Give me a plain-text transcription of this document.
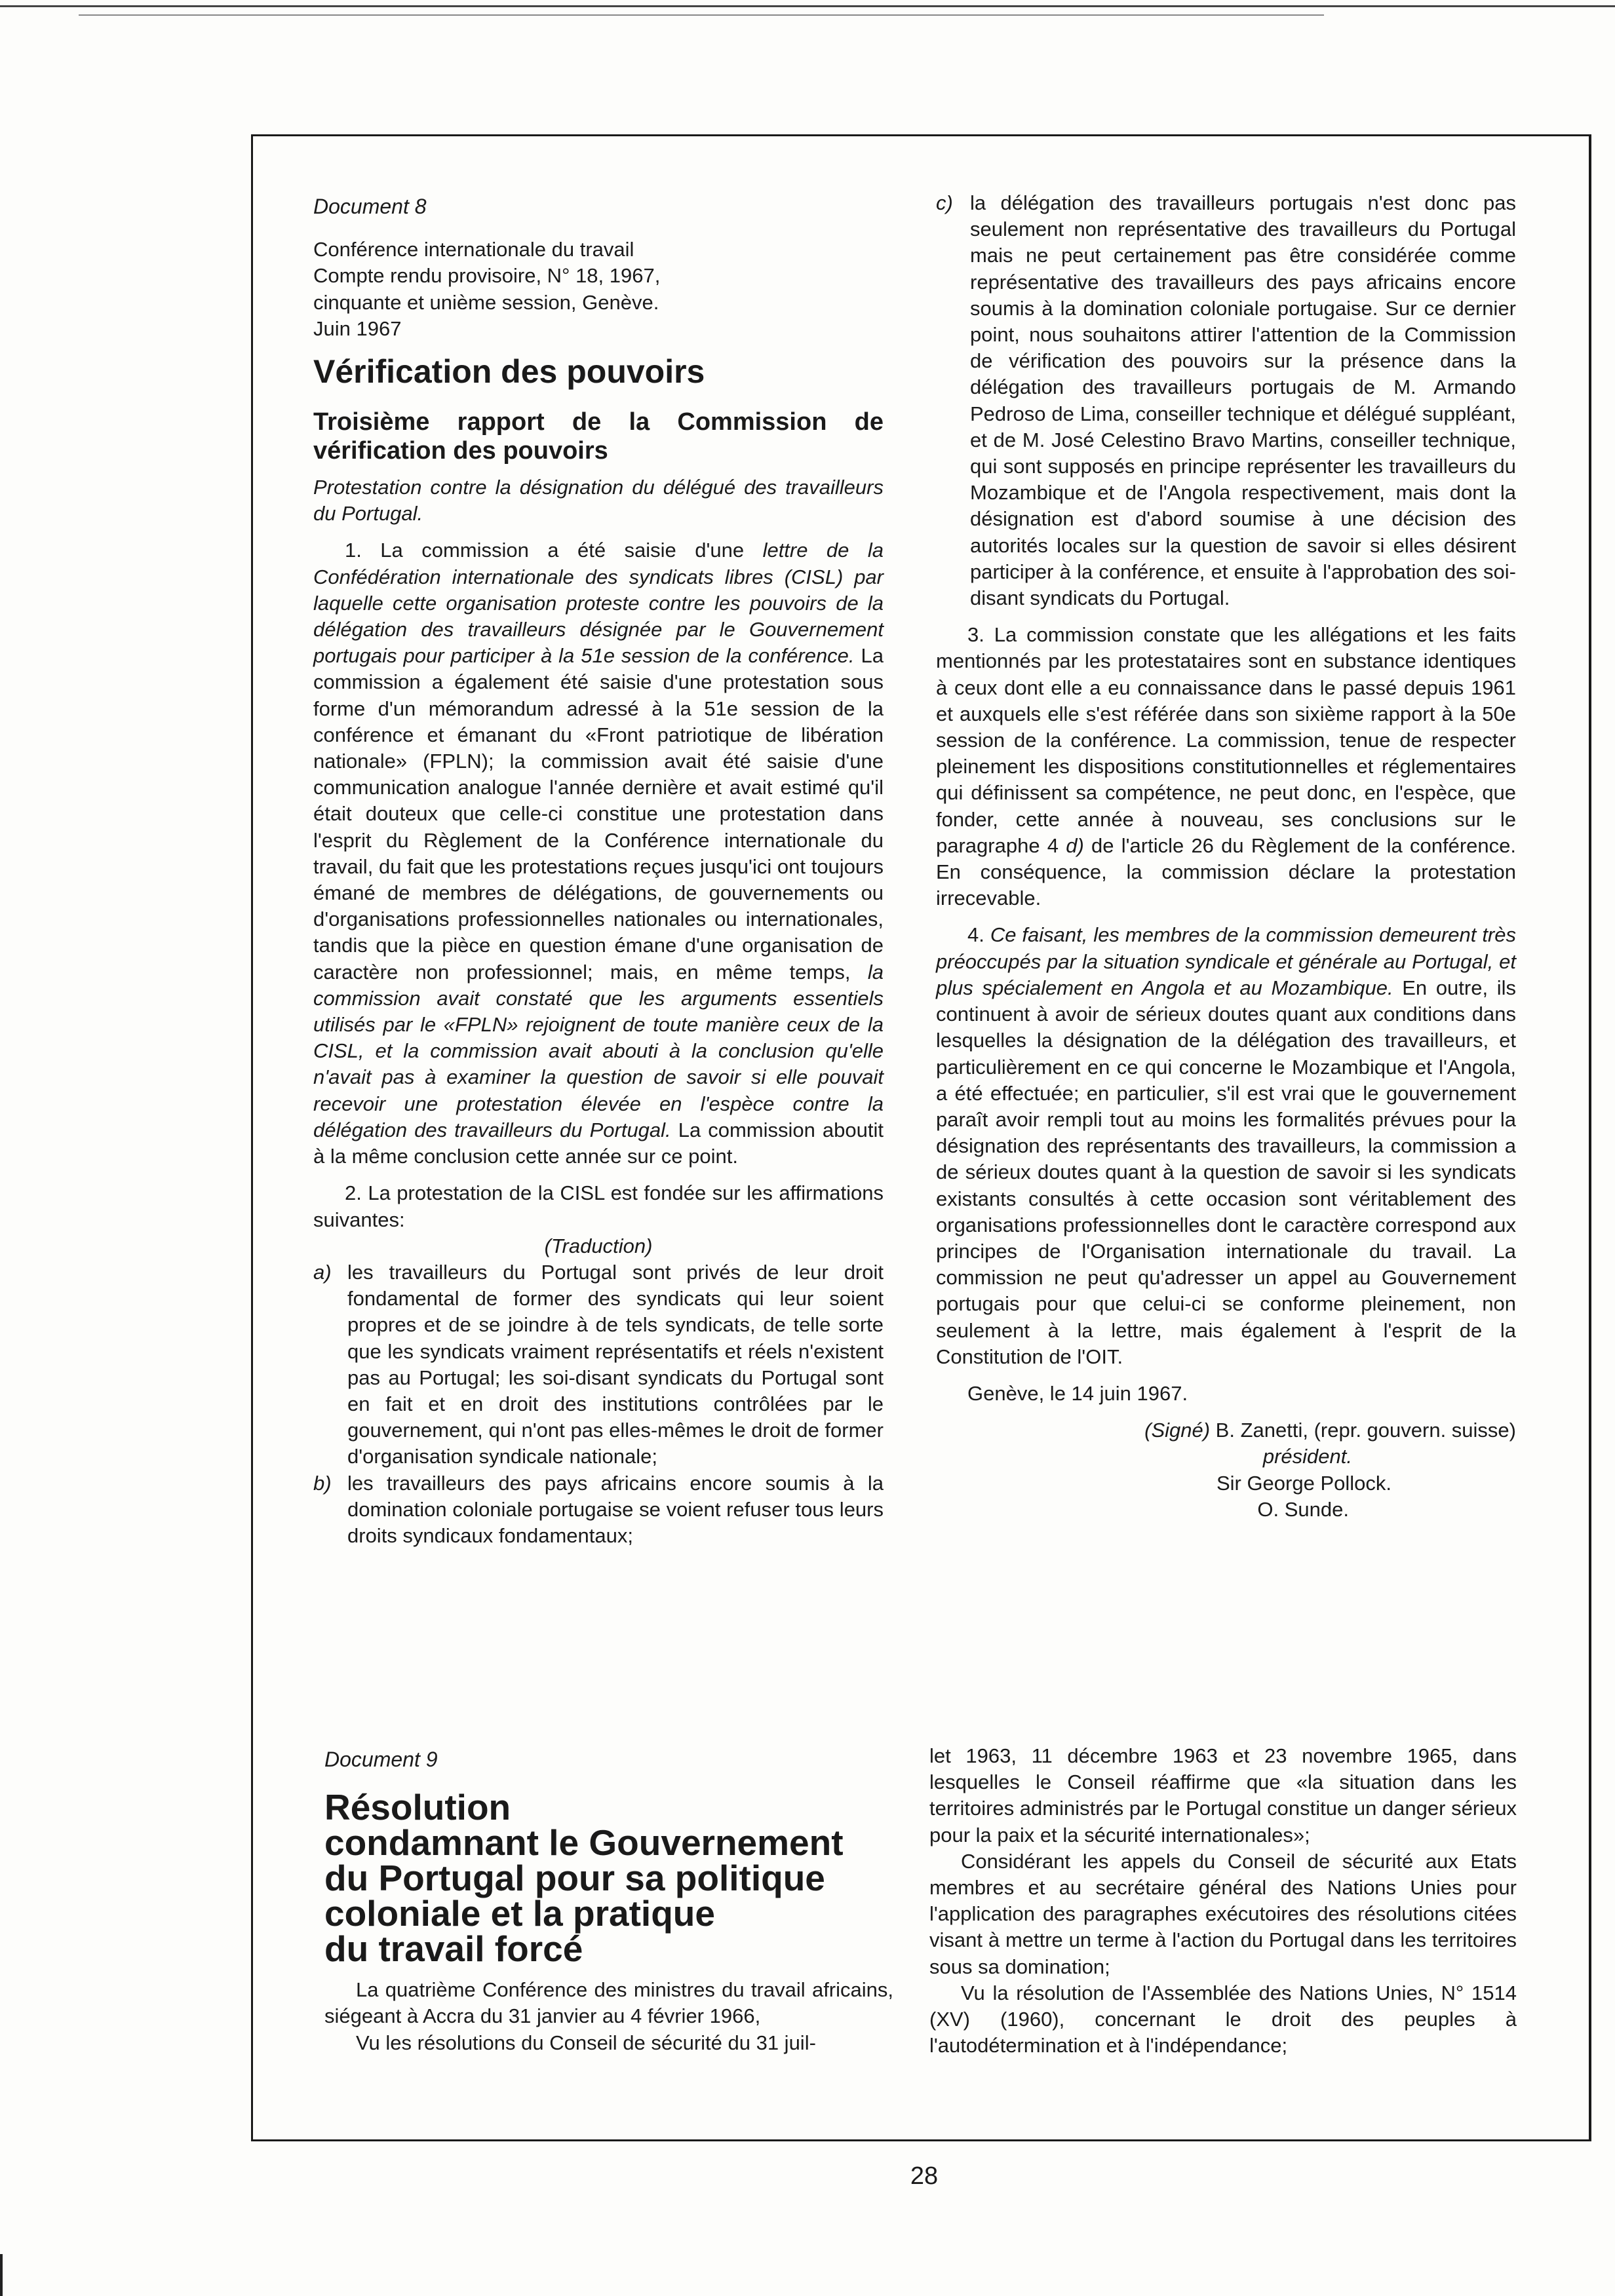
Document 8

Conférence internationale du travail

Compte rendu provisoire, N° 18, 1967,

cinquante et unième session, Genève.

Juin 1967

Vérification des pouvoirs
Troisième rapport de la Commission de vérification des pouvoirs

Protestation contre la désignation du délégué des travailleurs du Portugal.

1. La commission a été saisie d'une lettre de la Confédération internationale des syndicats libres (CISL) par laquelle cette organisation proteste contre les pouvoirs de la délégation des travailleurs désignée par le Gouvernement portugais pour participer à la 51e session de la conférence. La commission a également été saisie d'une protestation sous forme d'un mémorandum adressé à la 51e session de la conférence et émanant du «Front patriotique de libération nationale» (FPLN); la commission avait été saisie d'une communication analogue l'année dernière et avait estimé qu'il était douteux que celle-ci constitue une protestation dans l'esprit du Règlement de la Conférence internationale du travail, du fait que les protestations reçues jusqu'ici ont toujours émané de membres de délégations, de gouvernements ou d'organisations professionnelles nationales ou internationales, tandis que la pièce en question émane d'une organisation de caractère non professionnel; mais, en même temps, la commission avait constaté que les arguments essentiels utilisés par le «FPLN» rejoignent de toute manière ceux de la CISL, et la commission avait abouti à la conclusion qu'elle n'avait pas à examiner la question de savoir si elle pouvait recevoir une protestation élevée en l'espèce contre la délégation des travailleurs du Portugal. La commission aboutit à la même conclusion cette année sur ce point.

2. La protestation de la CISL est fondée sur les affirmations suivantes:

(Traduction)

a) les travailleurs du Portugal sont privés de leur droit fondamental de former des syndicats qui leur soient propres et de se joindre à de tels syndicats, de telle sorte que les syndicats vraiment représentatifs et réels n'existent pas au Portugal; les soi-disant syndicats du Portugal sont en fait et en droit des institutions contrôlées par le gouvernement, qui n'ont pas elles-mêmes le droit de former d'organisation syndicale nationale;
b) les travailleurs des pays africains encore soumis à la domination coloniale portugaise se voient refuser tous leurs droits syndicaux fondamentaux;
c) la délégation des travailleurs portugais n'est donc pas seulement non représentative des travailleurs du Portugal mais ne peut certainement pas être considérée comme représentative des travailleurs des pays africains encore soumis à la domination coloniale portugaise. Sur ce dernier point, nous souhaitons attirer l'attention de la Commission de vérification des pouvoirs sur la présence dans la délégation des travailleurs portugais de M. Armando Pedroso de Lima, conseiller technique et délégué suppléant, et de M. José Celestino Bravo Martins, conseiller technique, qui sont supposés en principe représenter les travailleurs du Mozambique et de l'Angola respectivement, mais dont la désignation est d'abord soumise à une décision des autorités locales sur la question de savoir si elles désirent participer à la conférence, et ensuite à l'approbation des soi-disant syndicats du Portugal.

3. La commission constate que les allégations et les faits mentionnés par les protestataires sont en substance identiques à ceux dont elle a eu connaissance dans le passé depuis 1961 et auxquels elle s'est référée dans son sixième rapport à la 50e session de la conférence. La commission, tenue de respecter pleinement les dispositions constitutionnelles et réglementaires qui définissent sa compétence, ne peut donc, en l'espèce, que fonder, cette année à nouveau, ses conclusions sur le paragraphe 4 d) de l'article 26 du Règlement de la conférence. En conséquence, la commission déclare la protestation irrecevable.

4. Ce faisant, les membres de la commission demeurent très préoccupés par la situation syndicale et générale au Portugal, et plus spécialement en Angola et au Mozambique. En outre, ils continuent à avoir de sérieux doutes quant aux conditions dans lesquelles la désignation de la délégation des travailleurs, et particulièrement en ce qui concerne le Mozambique et l'Angola, a été effectuée; en particulier, s'il est vrai que le gouvernement paraît avoir rempli tout au moins les formalités prévues pour la désignation des représentants des travailleurs, la commission a de sérieux doutes quant à la question de savoir si les syndicats existants consultés à cette occasion sont véritablement des organisations professionnelles dont le caractère correspond aux principes de l'Organisation internationale du travail. La commission ne peut qu'adresser un appel au Gouvernement portugais pour que celui-ci se conforme pleinement, non seulement à la lettre, mais également à l'esprit de la Constitution de l'OIT.

Genève, le 14 juin 1967.

(Signé) B. Zanetti, (repr. gouvern. suisse)
président.
Sir George Pollock.
O. Sunde.

Document 9

Résolution
condamnant le Gouvernement
du Portugal pour sa politique
coloniale et la pratique
du travail forcé

La quatrième Conférence des ministres du travail africains, siégeant à Accra du 31 janvier au 4 février 1966,

Vu les résolutions du Conseil de sécurité du 31 juil-

let 1963, 11 décembre 1963 et 23 novembre 1965, dans lesquelles le Conseil réaffirme que «la situation dans les territoires administrés par le Portugal constitue un danger sérieux pour la paix et la sécurité internationales»;

Considérant les appels du Conseil de sécurité aux Etats membres et au secrétaire général des Nations Unies pour l'application des paragraphes exécutoires des résolutions citées visant à mettre un terme à l'action du Portugal dans les territoires sous sa domination;

Vu la résolution de l'Assemblée des Nations Unies, N° 1514 (XV) (1960), concernant le droit des peuples à l'autodétermination et à l'indépendance;

28
